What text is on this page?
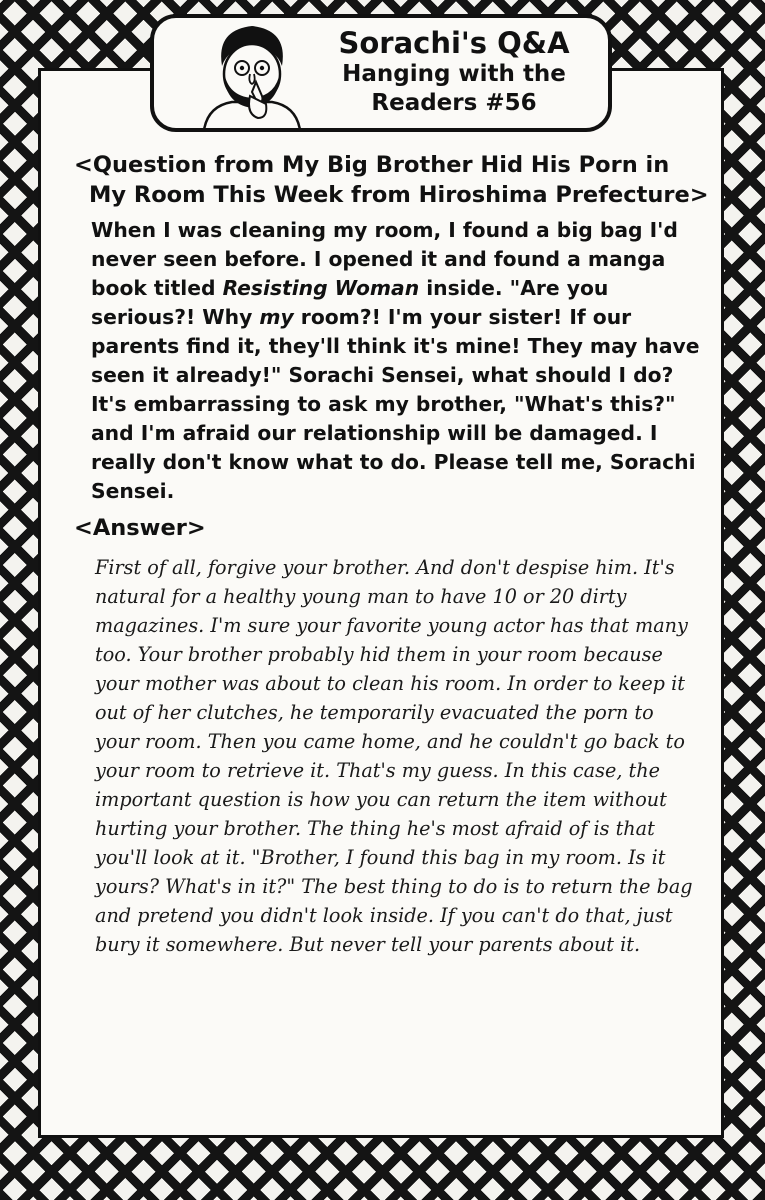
Sorachi's Q&A
Hanging with the
Readers #56
<Question from My Big Brother Hid His Porn in
My Room This Week from Hiroshima Prefecture>
When I was cleaning my room, I found a big bag I'd never seen before. I opened it and found a manga book titled Resisting Woman inside. "Are you serious?! Why my room?! I'm your sister! If our parents find it, they'll think it's mine! They may have seen it already!" Sorachi Sensei, what should I do? It's embarrassing to ask my brother, "What's this?" and I'm afraid our relationship will be damaged. I really don't know what to do. Please tell me, Sorachi Sensei.
<Answer>
First of all, forgive your brother. And don't despise him. It's natural for a healthy young man to have 10 or 20 dirty magazines. I'm sure your favorite young actor has that many too. Your brother probably hid them in your room because your mother was about to clean his room. In order to keep it out of her clutches, he temporarily evacuated the porn to your room. Then you came home, and he couldn't go back to your room to retrieve it. That's my guess. In this case, the important question is how you can return the item without hurting your brother. The thing he's most afraid of is that you'll look at it. "Brother, I found this bag in my room. Is it yours? What's in it?" The best thing to do is to return the bag and pretend you didn't look inside. If you can't do that, just bury it somewhere. But never tell your parents about it.
